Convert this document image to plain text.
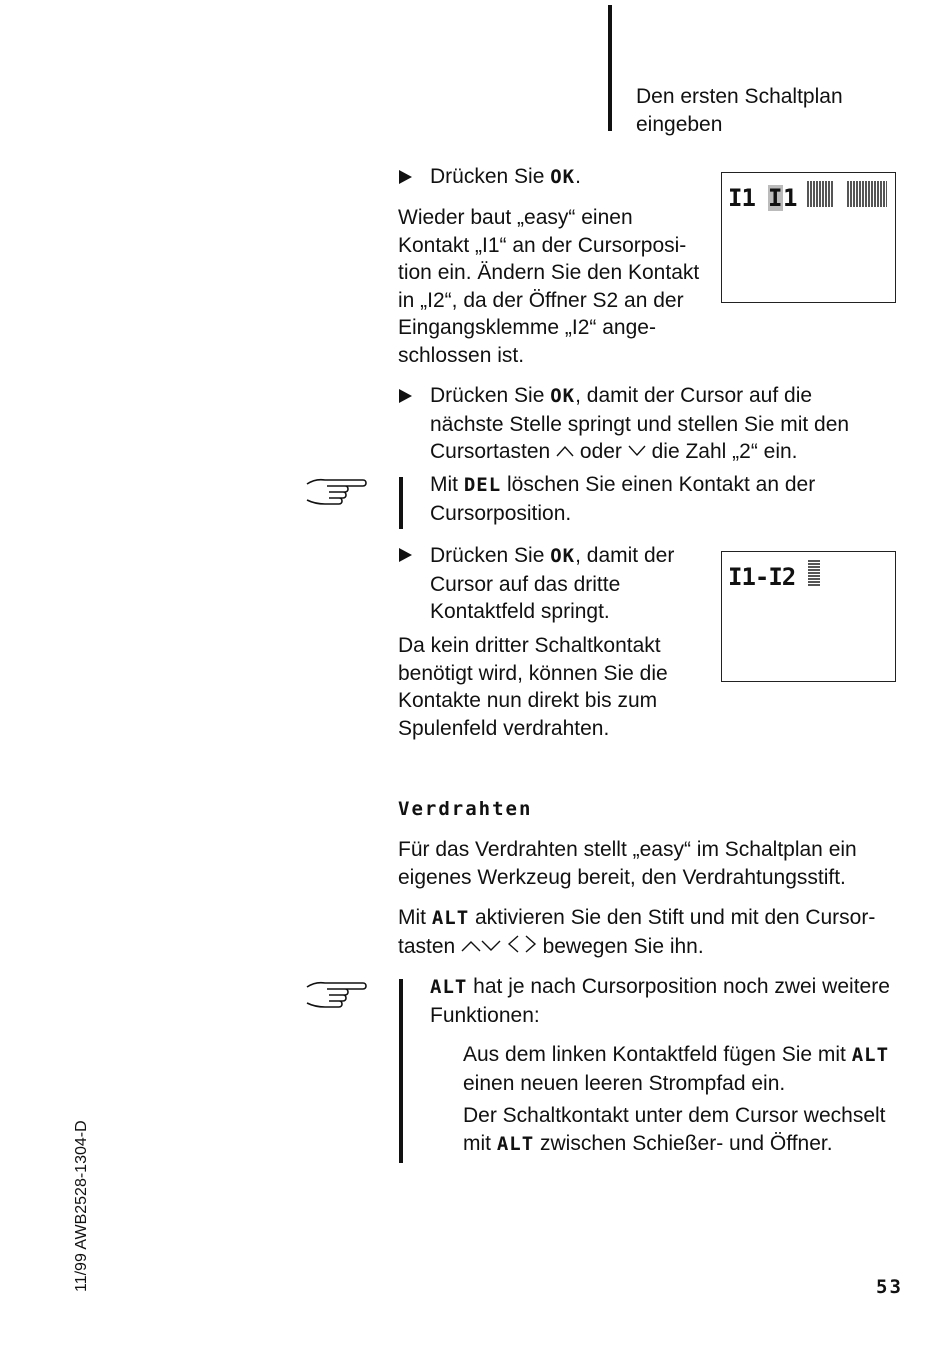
Den ersten Schaltplan
eingeben
Drücken Sie OK.
Wieder baut „easy“ einen
Kontakt „I1“ an der Cursorposi-
tion ein. Ändern Sie den Kontakt
in „I2“, da der Öffner S2 an der
Eingangsklemme „I2“ ange-
schlossen ist.
I1 I 1
Drücken Sie OK, damit der Cursor auf die
nächste Stelle springt und stellen Sie mit den
Cursortasten  oder  die Zahl „2“ ein.
Mit DEL löschen Sie einen Kontakt an der
Cursorposition.
Drücken Sie OK, damit der
Cursor auf das dritte
Kontaktfeld springt.
I1-I2
Da kein dritter Schaltkontakt
benötigt wird, können Sie die
Kontakte nun direkt bis zum
Spulenfeld verdrahten.
Verdrahten
Für das Verdrahten stellt „easy“ im Schaltplan ein
eigenes Werkzeug bereit, den Verdrahtungsstift.
Mit ALT aktivieren Sie den Stift und mit den Cursor-
tasten	bewegen Sie ihn.
ALT hat je nach Cursorposition noch zwei weitere
Funktionen:
Aus dem linken Kontaktfeld fügen Sie mit ALT
einen neuen leeren Strompfad ein.
Der Schaltkontakt unter dem Cursor wechselt
mit ALT zwischen Schießer- und Öffner.
11/99 AWB2528-1304-D	53
